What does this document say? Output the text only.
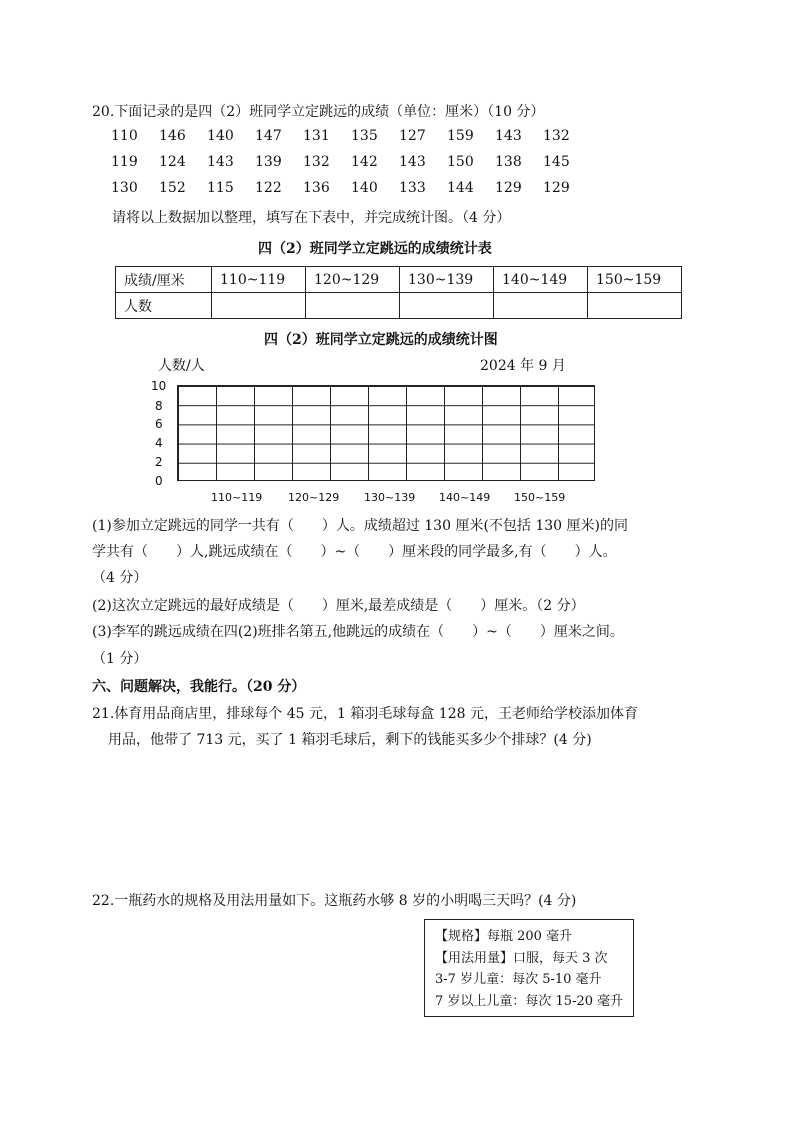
20.下面记录的是四（2）班同学立定跳远的成绩（单位：厘米）（10 分）
110 146 140 147 131 135 127 159 143 132
119 124 143 139 132 142 143 150 138 145
130 152 115 122 136 140 133 144 129 129
请将以上数据加以整理，填写在下表中，并完成统计图。（4 分）
四（2）班同学立定跳远的成绩统计表
成绩/厘米	110~119	120~129	130~139	140~149	150~159
人数					
四（2）班同学立定跳远的成绩统计图
人数/人	2024 年 9 月
10
8
6
4
2
0
110~119 120~129 130~139 140~149 150~159
(1)参加立定跳远的同学一共有（　　）人。成绩超过 130 厘米(不包括 130 厘米)的同
学共有（　　）人,跳远成绩在（　　）~（　　）厘米段的同学最多,有（　　）人。
（4 分）
(2)这次立定跳远的最好成绩是（　　）厘米,最差成绩是（　　）厘米。（2 分）
(3)李军的跳远成绩在四(2)班排名第五,他跳远的成绩在（　　）~（　　）厘米之间。
（1 分）
六、问题解决，我能行。（20 分）
21.体育用品商店里，排球每个 45 元，1 箱羽毛球每盒 128 元，王老师给学校添加体育
用品，他带了 713 元，买了 1 箱羽毛球后，剩下的钱能买多少个排球？(4 分)
22.一瓶药水的规格及用法用量如下。这瓶药水够 8 岁的小明喝三天吗？(4 分)
【规格】每瓶 200 毫升
【用法用量】口服，每天 3 次
3-7 岁儿童：每次 5-10 毫升
7 岁以上儿童：每次 15-20 毫升
